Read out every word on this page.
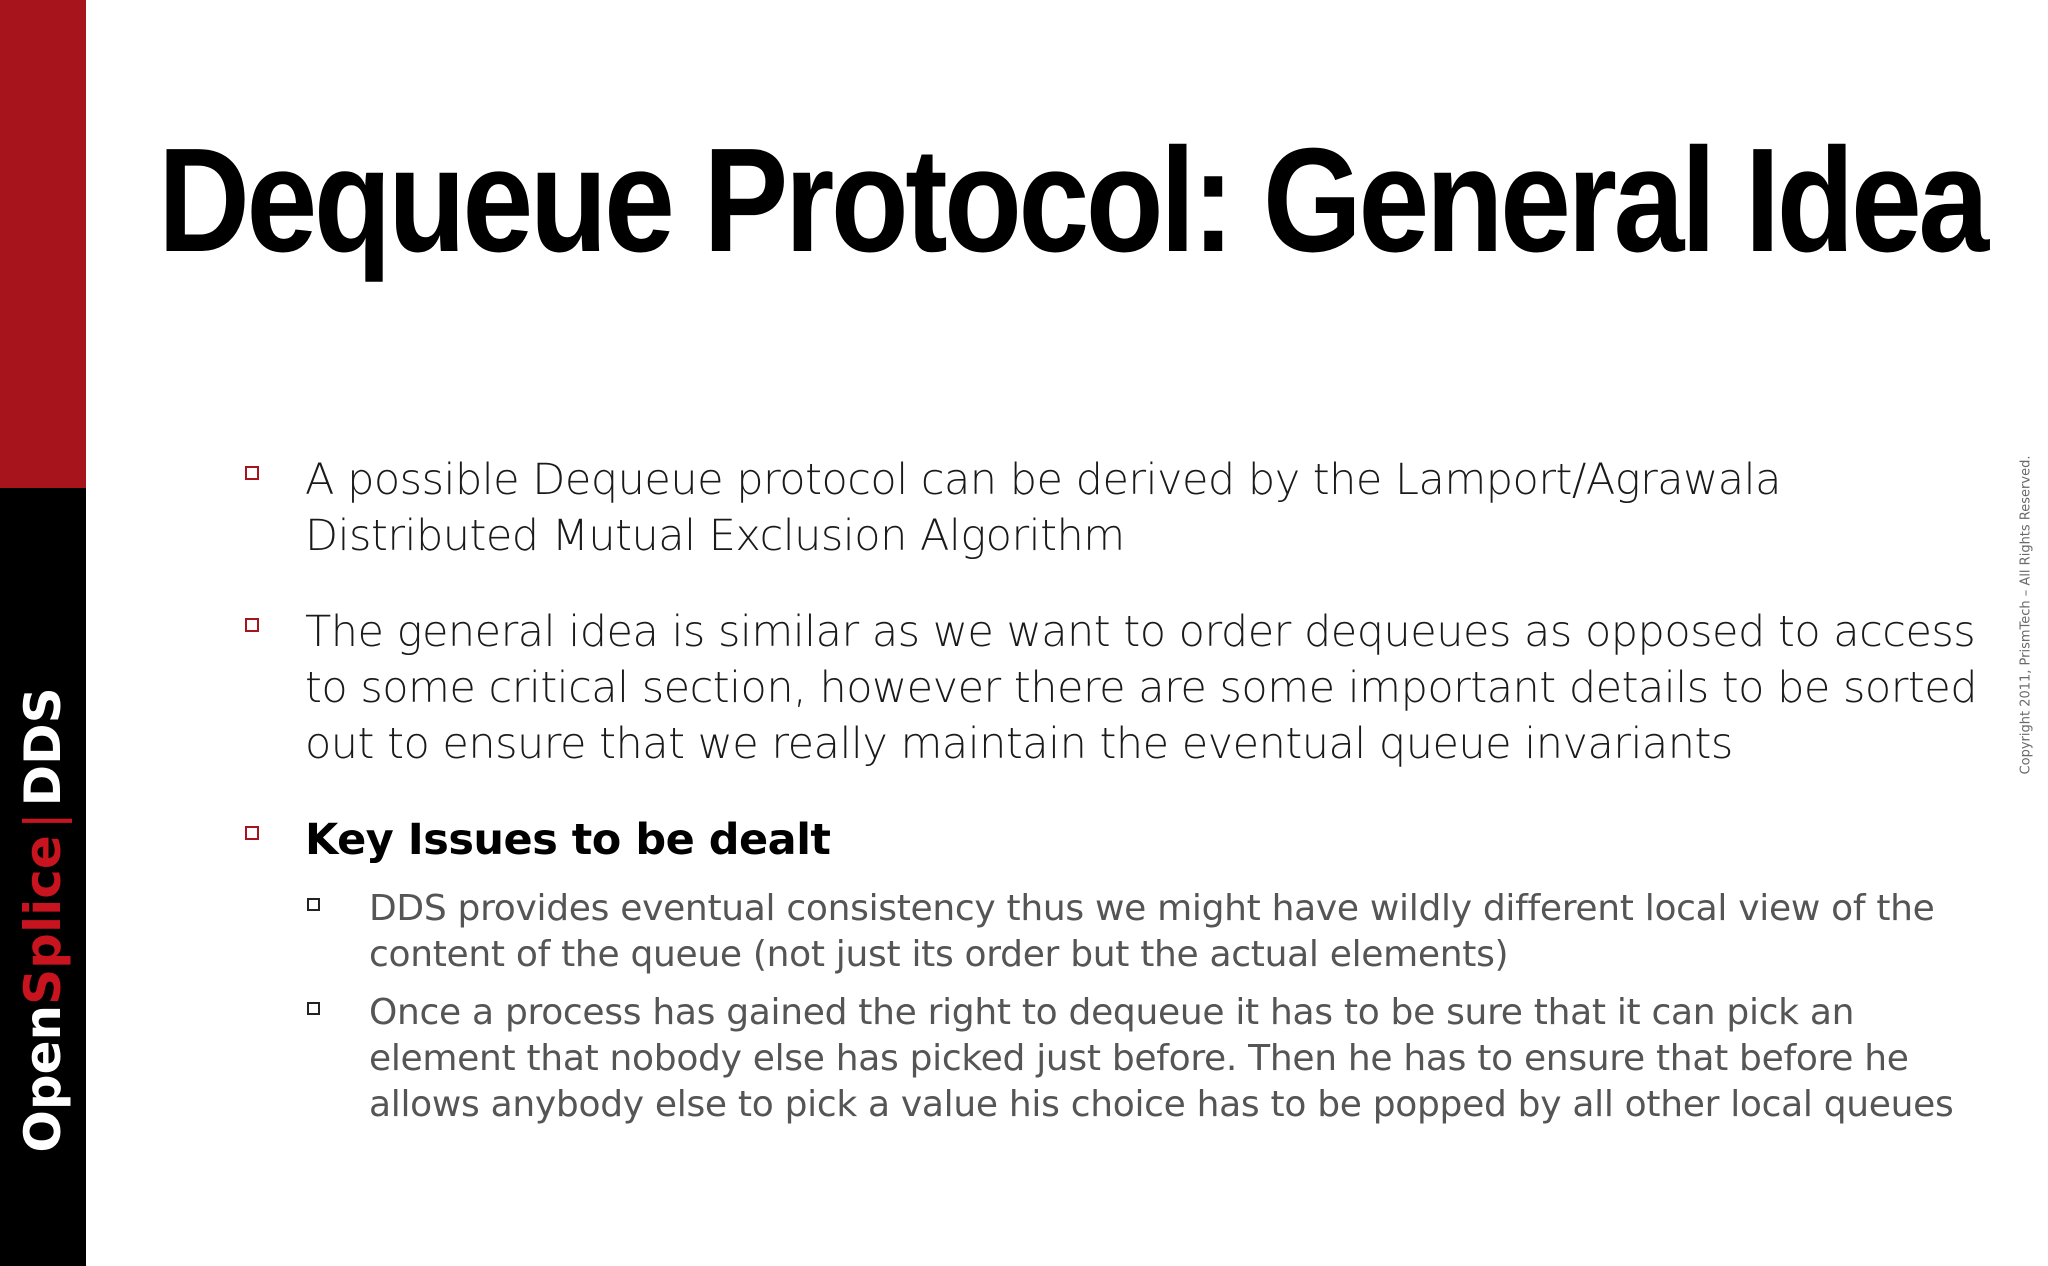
OpenSplice|DDS
Dequeue Protocol: General Idea
A possible Dequeue protocol can be derived by the Lamport/Agrawala Distributed Mutual Exclusion Algorithm
The general idea is similar as we want to order dequeues as opposed to access to some critical section, however there are some important details to be sorted out to ensure that we really maintain the eventual queue invariants
Key Issues to be dealt
DDS provides eventual consistency thus we might have wildly different local view of the content of the queue (not just its order but the actual elements)
Once a process has gained the right to dequeue it has to be sure that it can pick an element that nobody else has picked just before. Then he has to ensure that before he allows anybody else to pick a value his choice has to be popped by all other local queues
Copyright 2011, PrismTech – All Rights Reserved.
